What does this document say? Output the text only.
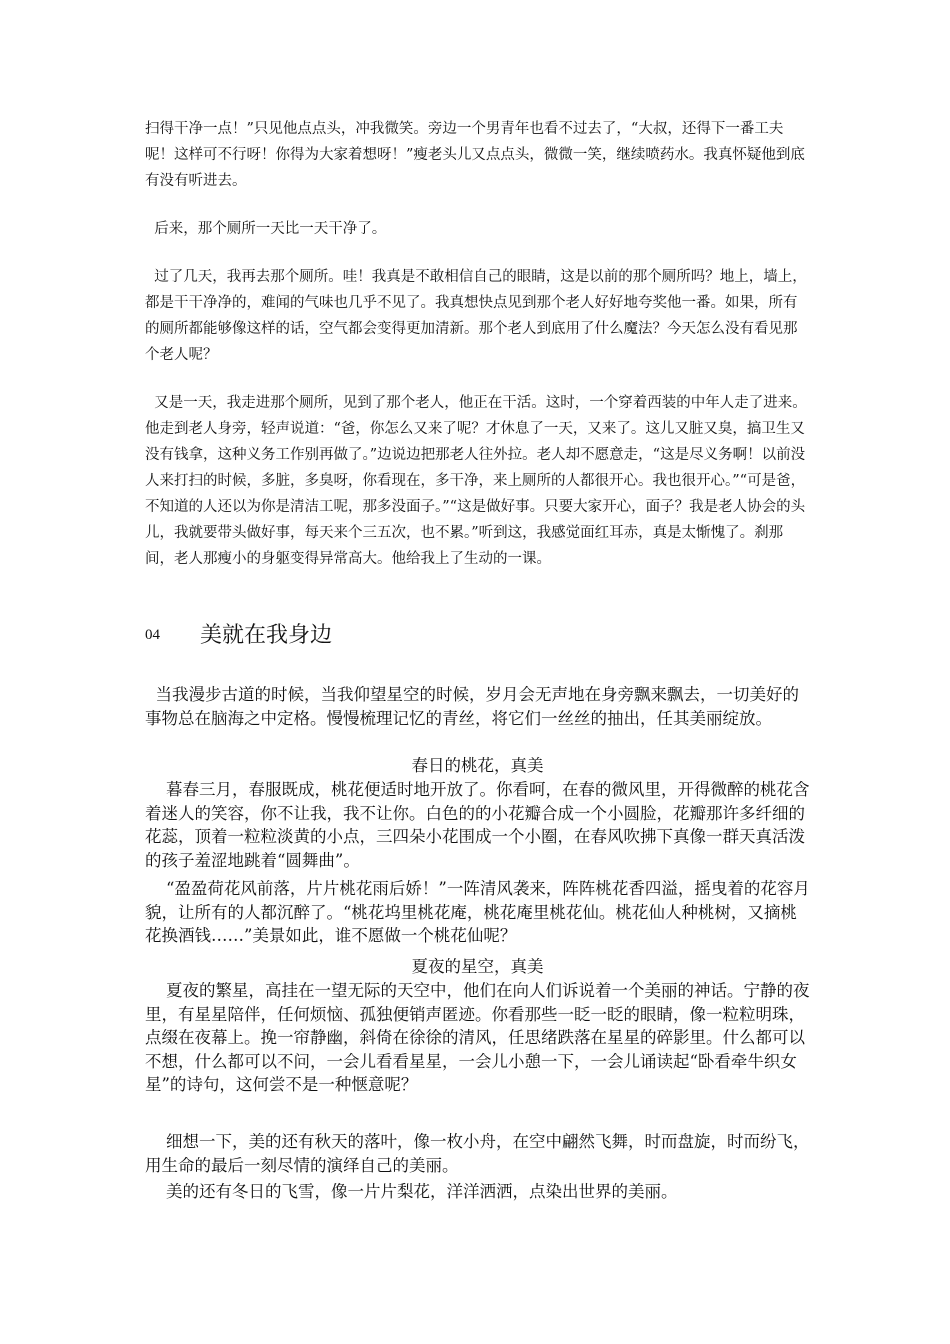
扫得干净一点！”只见他点点头，冲我微笑。旁边一个男青年也看不过去了，“大叔，还得下一番工夫呢！这样可不行呀！你得为大家着想呀！”瘦老头儿又点点头，微微一笑，继续喷药水。我真怀疑他到底有没有听进去。

后来，那个厕所一天比一天干净了。

过了几天，我再去那个厕所。哇！我真是不敢相信自己的眼睛，这是以前的那个厕所吗？地上，墙上，都是干干净净的，难闻的气味也几乎不见了。我真想快点见到那个老人好好地夸奖他一番。如果，所有的厕所都能够像这样的话，空气都会变得更加清新。那个老人到底用了什么魔法？今天怎么没有看见那个老人呢？

又是一天，我走进那个厕所，见到了那个老人，他正在干活。这时，一个穿着西装的中年人走了进来。他走到老人身旁，轻声说道：“爸，你怎么又来了呢？才休息了一天，又来了。这儿又脏又臭，搞卫生又没有钱拿，这种义务工作别再做了。”边说边把那老人往外拉。老人却不愿意走，“这是尽义务啊！以前没人来打扫的时候，多脏，多臭呀，你看现在，多干净，来上厕所的人都很开心。我也很开心。”“可是爸，不知道的人还以为你是清洁工呢，那多没面子。”“这是做好事。只要大家开心，面子？我是老人协会的头儿，我就要带头做好事，每天来个三五次，也不累。”听到这，我感觉面红耳赤，真是太惭愧了。刹那间，老人那瘦小的身躯变得异常高大。他给我上了生动的一课。

04 美就在我身边

当我漫步古道的时候，当我仰望星空的时候，岁月会无声地在身旁飘来飘去，一切美好的事物总在脑海之中定格。慢慢梳理记忆的青丝，将它们一丝丝的抽出，任其美丽绽放。

春日的桃花，真美

暮春三月，春服既成，桃花便适时地开放了。你看呵，在春的微风里，开得微醉的桃花含着迷人的笑容，你不让我，我不让你。白色的的小花瓣合成一个小圆脸，花瓣那许多纤细的花蕊，顶着一粒粒淡黄的小点，三四朵小花围成一个小圈，在春风吹拂下真像一群天真活泼的孩子羞涩地跳着“圆舞曲”。

“盈盈荷花风前落，片片桃花雨后娇！”一阵清风袭来，阵阵桃花香四溢，摇曳着的花容月貌，让所有的人都沉醉了。“桃花坞里桃花庵，桃花庵里桃花仙。桃花仙人种桃树，又摘桃花换酒钱……”美景如此，谁不愿做一个桃花仙呢？

夏夜的星空，真美

夏夜的繁星，高挂在一望无际的天空中，他们在向人们诉说着一个美丽的神话。宁静的夜里，有星星陪伴，任何烦恼、孤独便销声匿迹。你看那些一眨一眨的眼睛，像一粒粒明珠，点缀在夜幕上。挽一帘静幽，斜倚在徐徐的清风，任思绪跌落在星星的碎影里。什么都可以不想，什么都可以不问，一会儿看看星星，一会儿小憩一下，一会儿诵读起“卧看牵牛织女星”的诗句，这何尝不是一种惬意呢？

细想一下，美的还有秋天的落叶，像一枚小舟，在空中翩然飞舞，时而盘旋，时而纷飞，用生命的最后一刻尽情的演绎自己的美丽。

美的还有冬日的飞雪，像一片片梨花，洋洋洒洒，点染出世界的美丽。
